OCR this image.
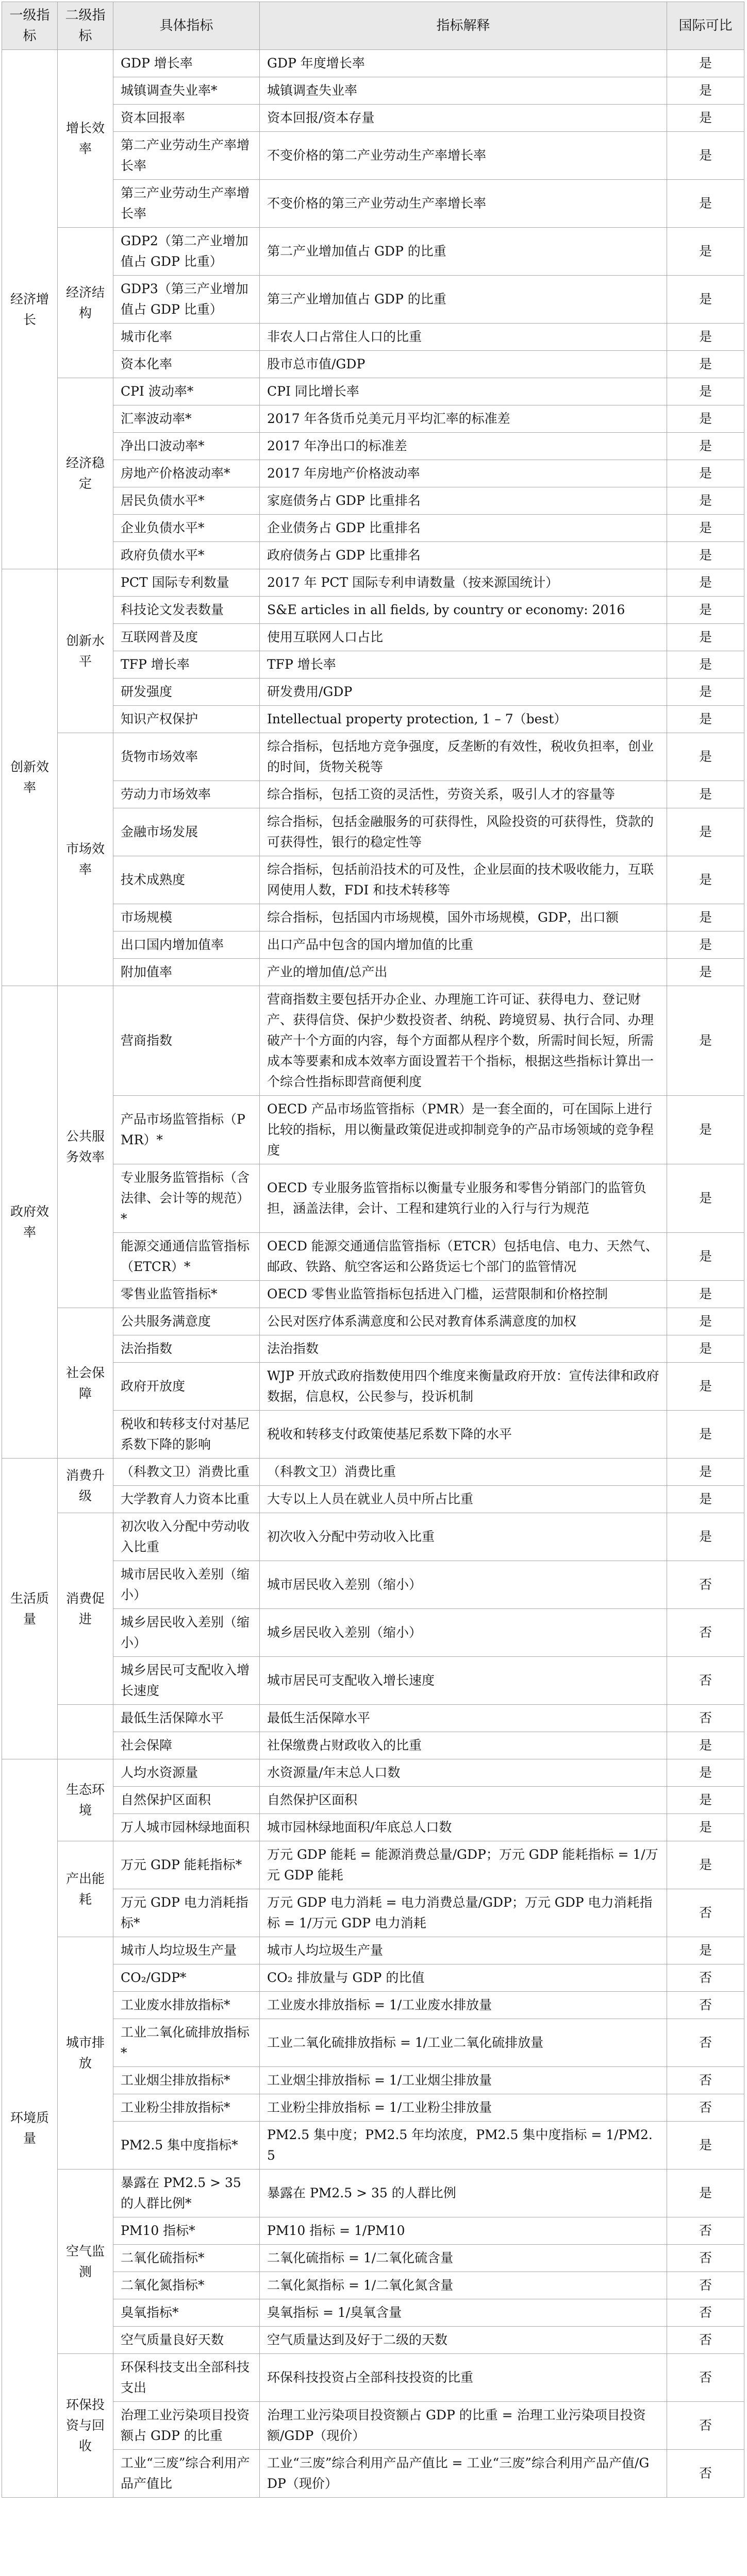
一级指标	二级指标	具体指标	指标解释	国际可比
经济增长	增长效率	GDP 增长率	GDP 年度增长率	是
		城镇调查失业率*	城镇调查失业率	是
		资本回报率	资本回报/资本存量	是
		第二产业劳动生产率增长率	不变价格的第二产业劳动生产率增长率	是
		第三产业劳动生产率增长率	不变价格的第三产业劳动生产率增长率	是
	经济结构	GDP2（第二产业增加值占 GDP 比重）	第二产业增加值占 GDP 的比重	是
		GDP3（第三产业增加值占 GDP 比重）	第三产业增加值占 GDP 的比重	是
		城市化率	非农人口占常住人口的比重	是
		资本化率	股市总市值/GDP	是
	经济稳定	CPI 波动率*	CPI 同比增长率	是
		汇率波动率*	2017 年各货币兑美元月平均汇率的标准差	是
		净出口波动率*	2017 年净出口的标准差	是
		房地产价格波动率*	2017 年房地产价格波动率	是
		居民负债水平*	家庭债务占 GDP 比重排名	是
		企业负债水平*	企业债务占 GDP 比重排名	是
		政府负债水平*	政府债务占 GDP 比重排名	是
创新效率	创新水平	PCT 国际专利数量	2017 年 PCT 国际专利申请数量（按来源国统计）	是
		科技论文发表数量	S&E articles in all fields, by country or economy: 2016	是
		互联网普及度	使用互联网人口占比	是
		TFP 增长率	TFP 增长率	是
		研发强度	研发费用/GDP	是
		知识产权保护	Intellectual property protection, 1 – 7（best）	是
	市场效率	货物市场效率	综合指标，包括地方竞争强度，反垄断的有效性，税收负担率，创业的时间，货物关税等	是
		劳动力市场效率	综合指标，包括工资的灵活性，劳资关系，吸引人才的容量等	是
		金融市场发展	综合指标，包括金融服务的可获得性，风险投资的可获得性，贷款的可获得性，银行的稳定性等	是
		技术成熟度	综合指标，包括前沿技术的可及性，企业层面的技术吸收能力，互联网使用人数，FDI 和技术转移等	是
		市场规模	综合指标，包括国内市场规模，国外市场规模，GDP，出口额	是
		出口国内增加值率	出口产品中包含的国内增加值的比重	是
		附加值率	产业的增加值/总产出	是
政府效率	公共服务效率	营商指数	营商指数主要包括开办企业、办理施工许可证、获得电力、登记财产、获得信贷、保护少数投资者、纳税、跨境贸易、执行合同、办理破产十个方面的内容，每个方面都从程序个数，所需时间长短，所需成本等要素和成本效率方面设置若干个指标，根据这些指标计算出一个综合性指标即营商便利度	是
		产品市场监管指标（PMR）*	OECD 产品市场监管指标（PMR）是一套全面的，可在国际上进行比较的指标，用以衡量政策促进或抑制竞争的产品市场领域的竞争程度	是
		专业服务监管指标（含法律、会计等的规范）*	OECD 专业服务监管指标以衡量专业服务和零售分销部门的监管负担，涵盖法律，会计、工程和建筑行业的入行与行为规范	是
		能源交通通信监管指标（ETCR）*	OECD 能源交通通信监管指标（ETCR）包括电信、电力、天然气、邮政、铁路、航空客运和公路货运七个部门的监管情况	是
		零售业监管指标*	OECD 零售业监管指标包括进入门槛，运营限制和价格控制	是
	社会保障	公共服务满意度	公民对医疗体系满意度和公民对教育体系满意度的加权	是
		法治指数	法治指数	是
		政府开放度	WJP 开放式政府指数使用四个维度来衡量政府开放：宣传法律和政府数据，信息权，公民参与，投诉机制	是
		税收和转移支付对基尼系数下降的影响	税收和转移支付政策使基尼系数下降的水平	是
生活质量	消费升级	（科教文卫）消费比重	（科教文卫）消费比重	是
		大学教育人力资本比重	大专以上人员在就业人员中所占比重	是
	消费促进	初次收入分配中劳动收入比重	初次收入分配中劳动收入比重	是
		城市居民收入差别（缩小）	城市居民收入差别（缩小）	否
		城乡居民收入差别（缩小）	城乡居民收入差别（缩小）	否
		城乡居民可支配收入增长速度	城市居民可支配收入增长速度	否
		最低生活保障水平	最低生活保障水平	否
		社会保障	社保缴费占财政收入的比重	是
环境质量	生态环境	人均水资源量	水资源量/年末总人口数	是
		自然保护区面积	自然保护区面积	是
		万人城市园林绿地面积	城市园林绿地面积/年底总人口数	是
	产出能耗	万元 GDP 能耗指标*	万元 GDP 能耗 = 能源消费总量/GDP；万元 GDP 能耗指标 = 1/万元 GDP 能耗	是
		万元 GDP 电力消耗指标*	万元 GDP 电力消耗 = 电力消费总量/GDP；万元 GDP 电力消耗指标 = 1/万元 GDP 电力消耗	否
	城市排放	城市人均垃圾生产量	城市人均垃圾生产量	是
		CO₂/GDP*	CO₂ 排放量与 GDP 的比值	否
		工业废水排放指标*	工业废水排放指标 = 1/工业废水排放量	否
		工业二氧化硫排放指标*	工业二氧化硫排放指标 = 1/工业二氧化硫排放量	否
		工业烟尘排放指标*	工业烟尘排放指标 = 1/工业烟尘排放量	否
		工业粉尘排放指标*	工业粉尘排放指标 = 1/工业粉尘排放量	否
		PM2.5 集中度指标*	PM2.5 集中度；PM2.5 年均浓度，PM2.5 集中度指标 = 1/PM2.5	是
	空气监测	暴露在 PM2.5 > 35 的人群比例*	暴露在 PM2.5 > 35 的人群比例	是
		PM10 指标*	PM10 指标 = 1/PM10	否
		二氧化硫指标*	二氧化硫指标 = 1/二氧化硫含量	否
		二氧化氮指标*	二氧化氮指标 = 1/二氧化氮含量	否
		臭氧指标*	臭氧指标 = 1/臭氧含量	否
		空气质量良好天数	空气质量达到及好于二级的天数	否
	环保投资与回收	环保科技支出全部科技支出	环保科技投资占全部科技投资的比重	否
		治理工业污染项目投资额占 GDP 的比重	治理工业污染项目投资额占 GDP 的比重 = 治理工业污染项目投资额/GDP（现价）	否
		工业“三废”综合利用产品产值比	工业“三废”综合利用产品产值比 = 工业“三废”综合利用产品产值/GDP（现价）	否
